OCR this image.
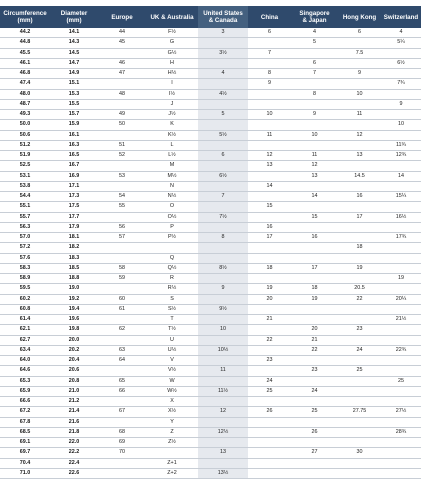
Circumference
(mm)	Diameter
(mm)	Europe	UK & Australia	United States
& Canada	China	Singapore
& Japan	Hong Kong	Switzerland
44.2	14.1	44	F½	3	6	4	6	4
44.8	14.3	45	G			5		5¼
45.5	14.5		G½	3½	7		7.5	
46.1	14.7	46	H			6		6½
46.8	14.9	47	H½	4	8	7	9	
47.4	15.1		I		9			7¾
48.0	15.3	48	I½	4½		8	10	
48.7	15.5		J					9
49.3	15.7	49	J½	5	10	9	11	
50.0	15.9	50	K					10
50.6	16.1		K½	5½	11	10	12	
51.2	16.3	51	L					11¾
51.9	16.5	52	L½	6	12	11	13	12¾
52.5	16.7		M		13	12		
53.1	16.9	53	M½	6½		13	14.5	14
53.8	17.1		N		14			
54.4	17.3	54	N½	7		14	16	15¼
55.1	17.5	55	O		15			
55.7	17.7		O½	7½		15	17	16½
56.3	17.9	56	P		16			
57.0	18.1	57	P½	8	17	16		17¾
57.2	18.2						18	
57.6	18.3		Q					
58.3	18.5	58	Q½	8½	18	17	19	
58.9	18.8	59	R					19
59.5	19.0		R½	9	19	18	20.5	
60.2	19.2	60	S		20	19	22	20¼
60.8	19.4	61	S½	9½				
61.4	19.6		T		21			21½
62.1	19.8	62	T½	10		20	23	
62.7	20.0		U		22	21		
63.4	20.2	63	U½	10½		22	24	22¾
64.0	20.4	64	V		23			
64.6	20.6		V½	11		23	25	
65.3	20.8	65	W		24			25
65.9	21.0	66	W½	11½	25	24		
66.6	21.2		X					
67.2	21.4	67	X½	12	26	25	27.75	27½
67.8	21.6		Y					
68.5	21.8	68	Z	12½		26		28¾
69.1	22.0	69	Z½					
69.7	22.2	70		13		27	30	
70.4	22.4		Z+1					
71.0	22.6		Z+2	13½				
